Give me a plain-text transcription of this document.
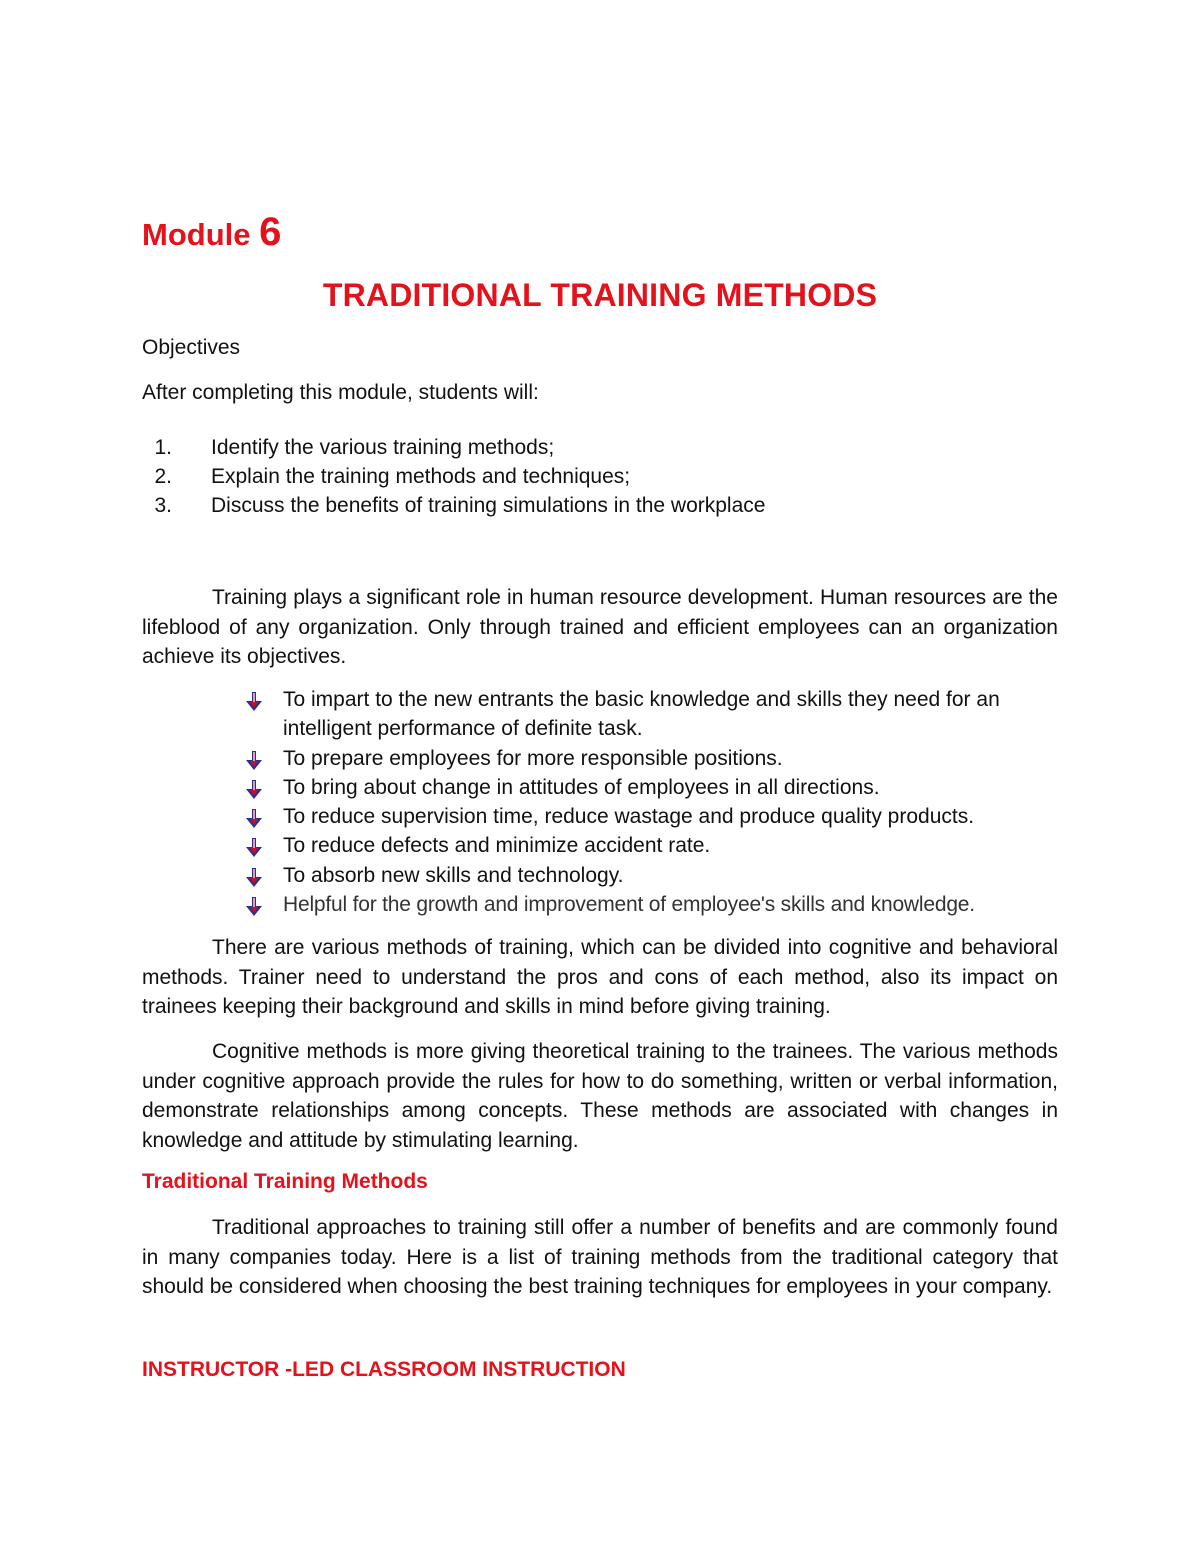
Module 6
TRADITIONAL TRAINING METHODS
Objectives
After completing this module, students will:
1. Identify the various training methods;
2. Explain the training methods and techniques;
3. Discuss the benefits of training simulations in the workplace

Training plays a significant role in human resource development. Human resources are the lifeblood of any organization. Only through trained and efficient employees can an organization achieve its objectives.

To impart to the new entrants the basic knowledge and skills they need for an intelligent performance of definite task.
To prepare employees for more responsible positions.
To bring about change in attitudes of employees in all directions.
To reduce supervision time, reduce wastage and produce quality products.
To reduce defects and minimize accident rate.
To absorb new skills and technology.
Helpful for the growth and improvement of employee's skills and knowledge.

There are various methods of training, which can be divided into cognitive and behavioral methods. Trainer need to understand the pros and cons of each method, also its impact on trainees keeping their background and skills in mind before giving training.

Cognitive methods is more giving theoretical training to the trainees. The various methods under cognitive approach provide the rules for how to do something, written or verbal information, demonstrate relationships among concepts. These methods are associated with changes in knowledge and attitude by stimulating learning.

Traditional Training Methods

Traditional approaches to training still offer a number of benefits and are commonly found in many companies today. Here is a list of training methods from the traditional category that should be considered when choosing the best training techniques for employees in your company.

INSTRUCTOR -LED CLASSROOM INSTRUCTION
